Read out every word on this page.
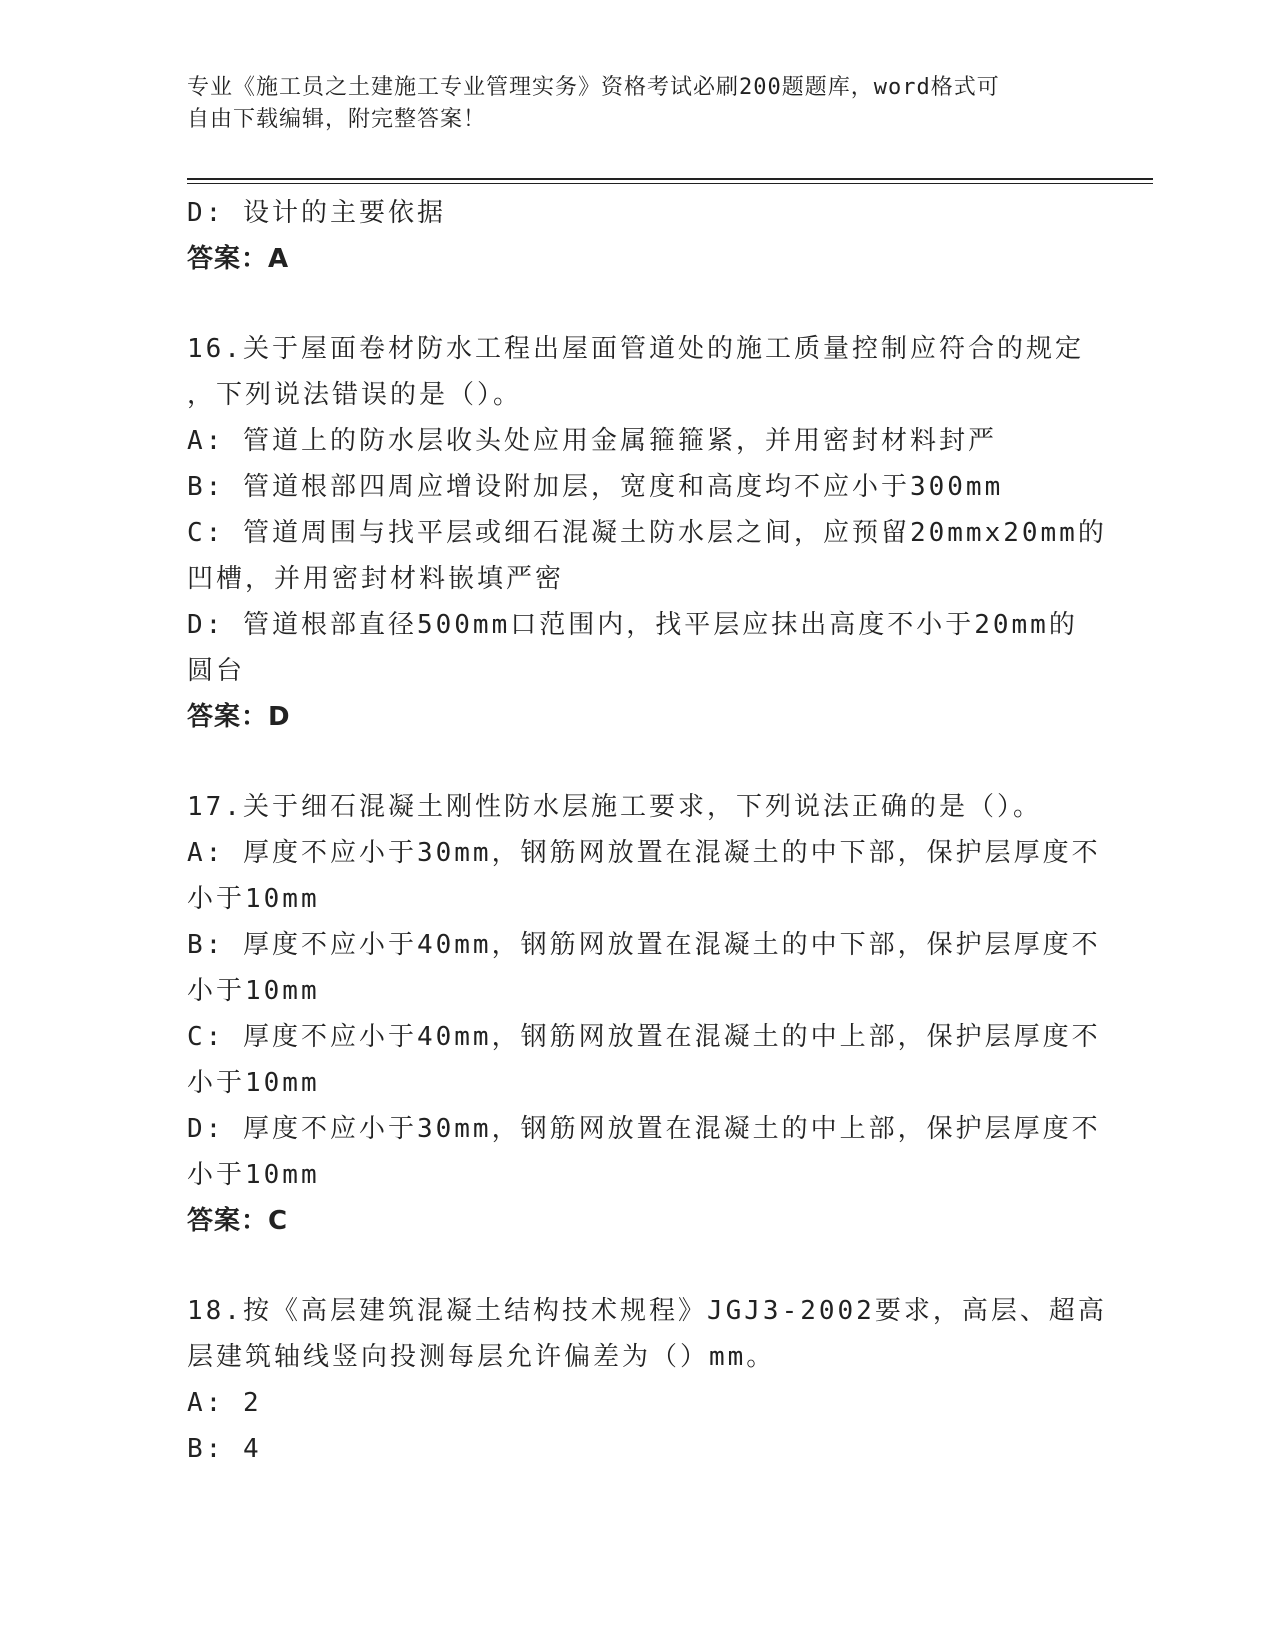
专业《施工员之土建施工专业管理实务》资格考试必刷200题题库，word格式可
自由下载编辑，附完整答案！

D: 设计的主要依据

答案：A

16.关于屋面卷材防水工程出屋面管道处的施工质量控制应符合的规定

，下列说法错误的是（）。

A: 管道上的防水层收头处应用金属箍箍紧，并用密封材料封严

B: 管道根部四周应增设附加层，宽度和高度均不应小于300mm

C: 管道周围与找平层或细石混凝土防水层之间，应预留20mmx20mm的

凹槽，并用密封材料嵌填严密

D: 管道根部直径500mm口范围内，找平层应抹出高度不小于20mm的

圆台

答案：D

17.关于细石混凝土刚性防水层施工要求，下列说法正确的是（）。

A: 厚度不应小于30mm，钢筋网放置在混凝土的中下部，保护层厚度不

小于10mm

B: 厚度不应小于40mm，钢筋网放置在混凝土的中下部，保护层厚度不

小于10mm

C: 厚度不应小于40mm，钢筋网放置在混凝土的中上部，保护层厚度不

小于10mm

D: 厚度不应小于30mm，钢筋网放置在混凝土的中上部，保护层厚度不

小于10mm

答案：C

18.按《高层建筑混凝土结构技术规程》JGJ3-2002要求，高层、超高

层建筑轴线竖向投测每层允许偏差为（）mm。

A: 2

B: 4
